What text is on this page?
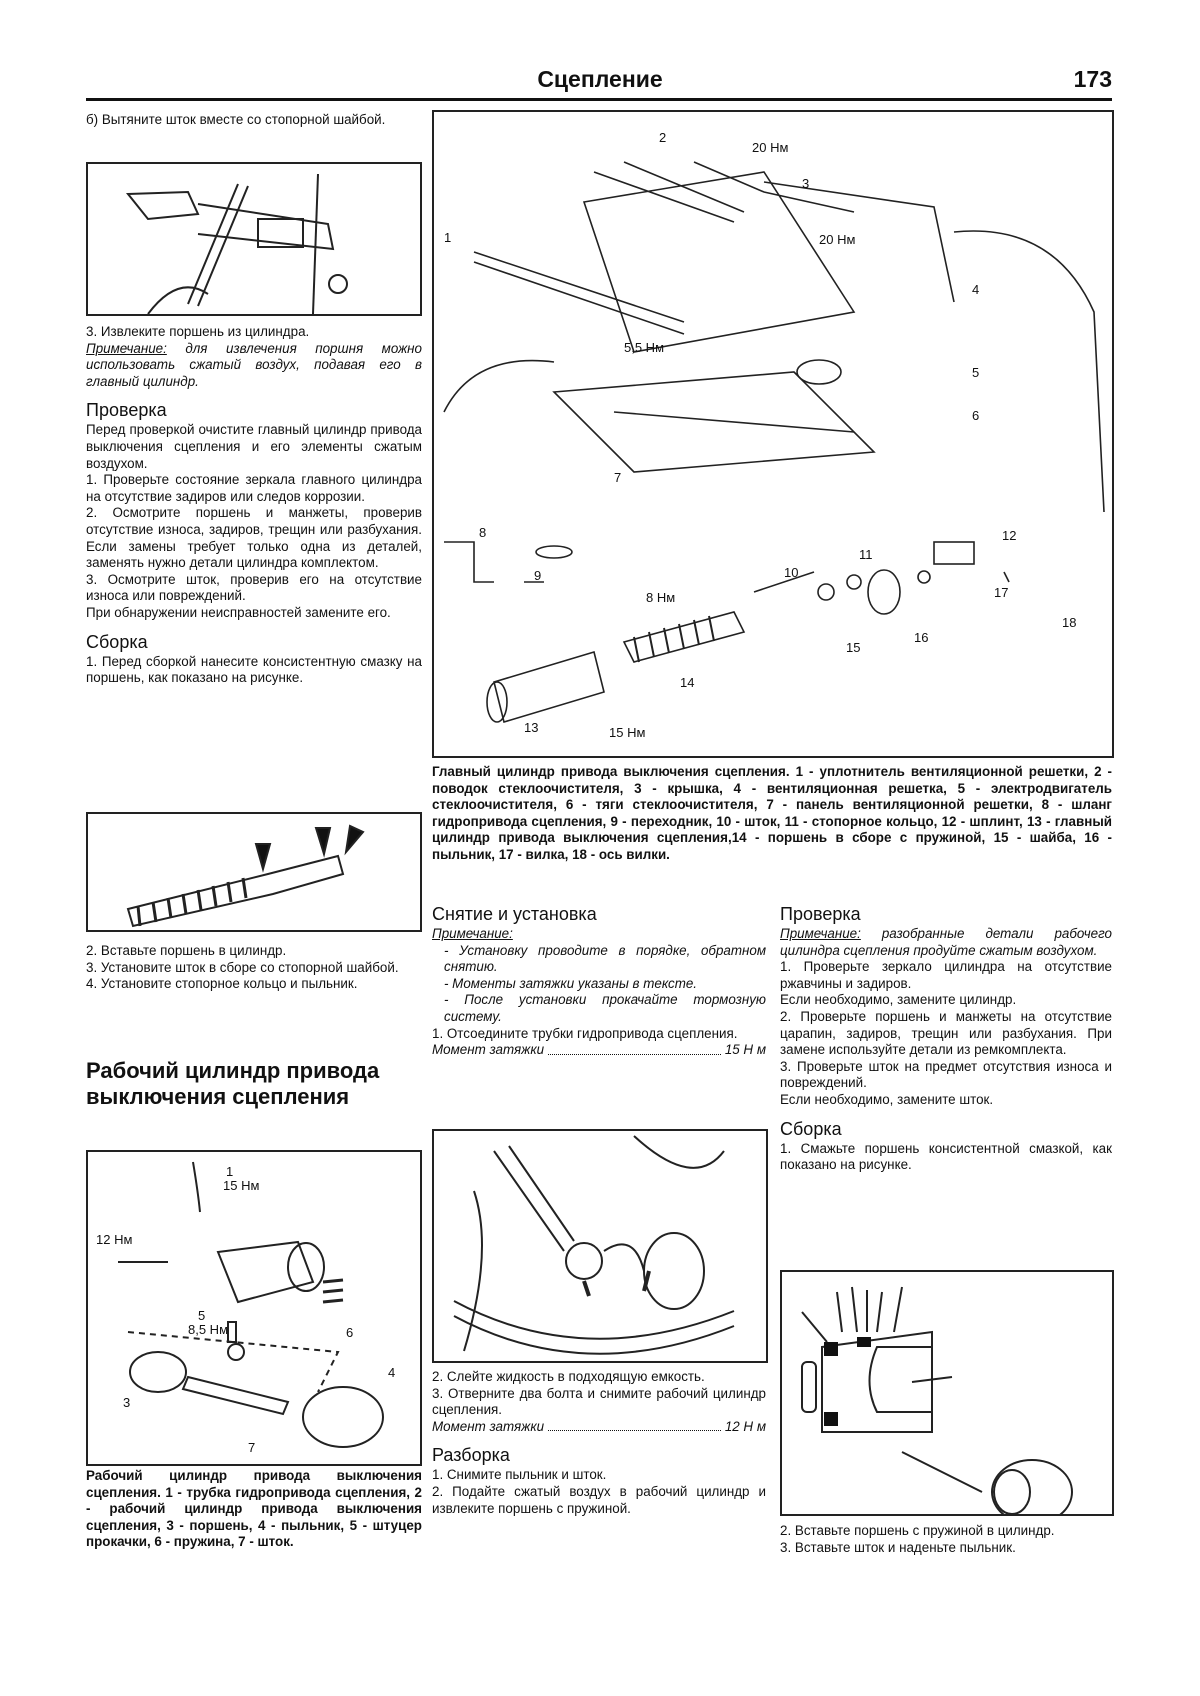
Сцепление	173

б) Вытяните шток вместе со стопорной шайбой.

3. Извлеките поршень из цилиндра.

Примечание: для извлечения поршня можно использовать сжатый воздух, подавая его в главный цилиндр.

Проверка

Перед проверкой очистите главный цилиндр привода выключения сцепления и его элементы сжатым воздухом.

1. Проверьте состояние зеркала главного цилиндра на отсутствие задиров или следов коррозии.

2. Осмотрите поршень и манжеты, проверив отсутствие износа, задиров, трещин или разбухания. Если замены требует только одна из деталей, заменять нужно детали цилиндра комплектом.

3. Осмотрите шток, проверив его на отсутствие износа или повреждений.

При обнаружении неисправностей замените его.

Сборка

1. Перед сборкой нанесите консистентную смазку на поршень, как показано на рисунке.

2. Вставьте поршень в цилиндр.

3. Установите шток в сборе со стопорной шайбой.

4. Установите стопорное кольцо и пыльник.

Рабочий цилиндр привода выключения сцепления
1
15 Нм
12 Нм
5
8,5 Нм	6
3
4
7
Рабочий цилиндр привода выключения сцепления. 1 - трубка гидропривода сцепления, 2 - рабочий цилиндр привода выключения сцепления, 3 - поршень, 4 - пыльник, 5 - штуцер прокачки, 6 - пружина, 7 - шток.
2
20 Нм
3
20 Нм
1
4
5,5 Нм
5
6
7
8
9
8 Нм
10
11
12
13
14
15 Нм
15
16
17
18
Главный цилиндр привода выключения сцепления. 1 - уплотнитель вентиляционной решетки, 2 - поводок стеклоочистителя, 3 - крышка, 4 - вентиляционная решетка, 5 - электродвигатель стеклоочистителя, 6 - тяги стеклоочистителя, 7 - панель вентиляционной решетки, 8 - шланг гидропривода сцепления, 9 - переходник, 10 - шток, 11 - стопорное кольцо, 12 - шплинт, 13 - главный цилиндр привода выключения сцепления,14 - поршень в сборе с пружиной, 15 - шайба, 16 - пыльник, 17 - вилка, 18 - ось вилки.
Снятие и установка

Примечание:

- Установку проводите в порядке, обратном снятию.

- Моменты затяжки указаны в тексте.

- После установки прокачайте тормозную систему.

1. Отсоедините трубки гидропривода сцепления.

Момент затяжки	15 Н м

2. Слейте жидкость в подходящую емкость.

3. Отверните два болта и снимите рабочий цилиндр сцепления.

Момент затяжки	12 Н м
Разборка

1. Снимите пыльник и шток.

2. Подайте сжатый воздух в рабочий цилиндр и извлеките поршень с пружиной.

Проверка

Примечание: разобранные детали рабочего цилиндра сцепления продуйте сжатым воздухом.

1. Проверьте зеркало цилиндра на отсутствие ржавчины и задиров.

Если необходимо, замените цилиндр.

2. Проверьте поршень и манжеты на отсутствие царапин, задиров, трещин или разбухания. При замене используйте детали из ремкомплекта.

3. Проверьте шток на предмет отсутствия износа и повреждений.

Если необходимо, замените шток.

Сборка

1. Смажьте поршень консистентной смазкой, как показано на рисунке.

2. Вставьте поршень с пружиной в цилиндр.

3. Вставьте шток и наденьте пыльник.
